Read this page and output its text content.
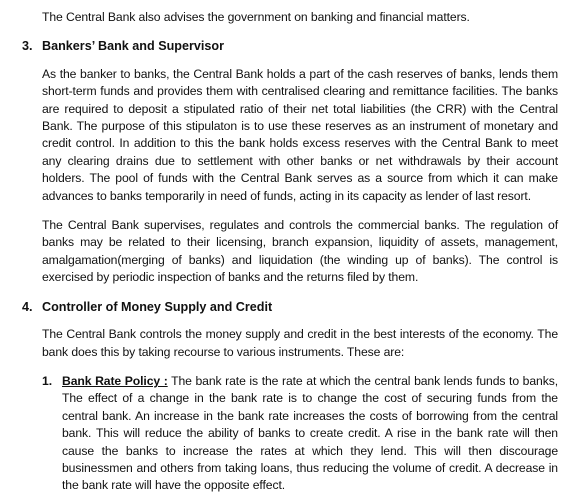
The Central Bank also advises the government on banking and financial matters.

3. Bankers’ Bank and Supervisor

As the banker to banks, the Central Bank holds a part of the cash reserves of banks, lends them short-term funds and provides them with centralised clearing and remittance facilities. The banks are required to deposit a stipulated ratio of their net total liabilities (the CRR) with the Central Bank. The purpose of this stipulaton is to use these reserves as an instrument of monetary and credit control. In addition to this the bank holds excess reserves with the Central Bank to meet any clearing drains due to settlement with other banks or net withdrawals by their account holders. The pool of funds with the Central Bank serves as a source from which it can make advances to banks temporarily in need of funds, acting in its capacity as lender of last resort.

The Central Bank supervises, regulates and controls the commercial banks. The regulation of banks may be related to their licensing, branch expansion, liquidity of assets, management, amalgamation(merging of banks) and liquidation (the winding up of banks). The control is exercised by periodic inspection of banks and the returns filed by them.

4. Controller of Money Supply and Credit

The Central Bank controls the money supply and credit in the best interests of the economy. The bank does this by taking recourse to various instruments. These are:

1. Bank Rate Policy : The bank rate is the rate at which the central bank lends funds to banks, The effect of a change in the bank rate is to change the cost of securing funds from the central bank. An increase in the bank rate increases the costs of borrowing from the central bank. This will reduce the ability of banks to create credit. A rise in the bank rate will then cause the banks to increase the rates at which they lend. This will then discourage businessmen and others from taking loans, thus reducing the volume of credit. A decrease in the bank rate will have the opposite effect.
